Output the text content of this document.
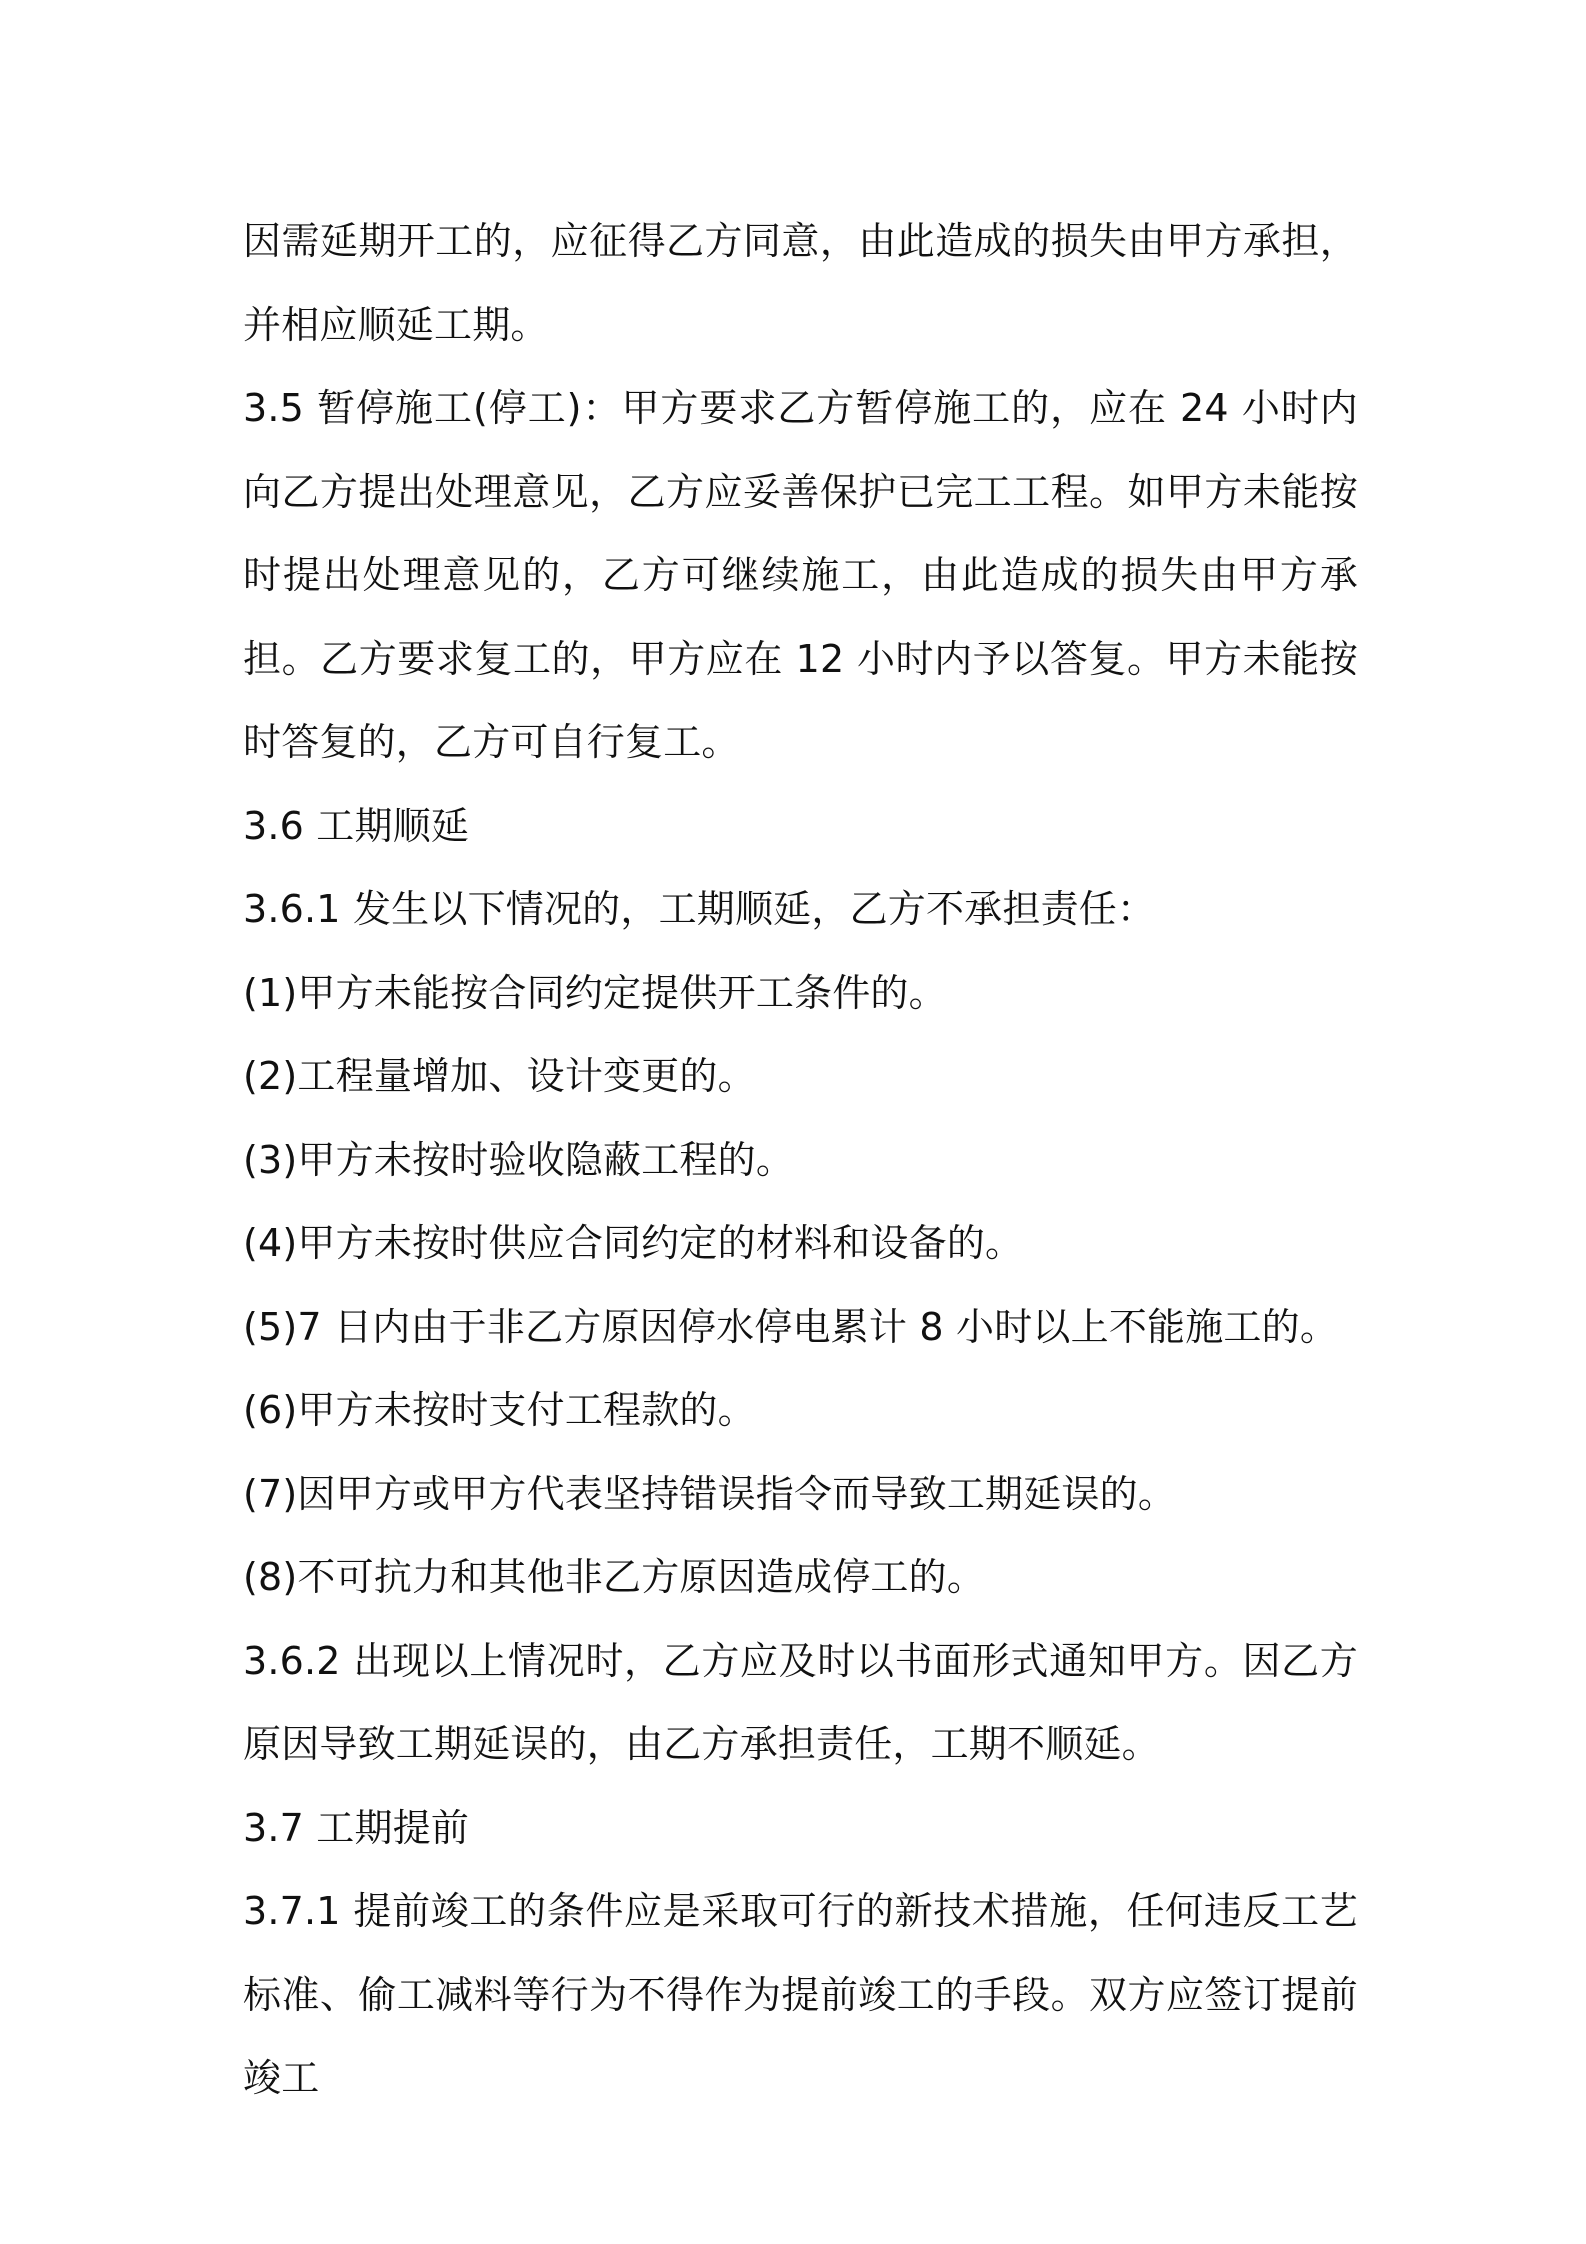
因需延期开工的，应征得乙方同意，由此造成的损失由甲方承担，并相应顺延工期。

3.5 暂停施工(停工)：甲方要求乙方暂停施工的，应在 24 小时内向乙方提出处理意见，乙方应妥善保护已完工工程。如甲方未能按时提出处理意见的，乙方可继续施工，由此造成的损失由甲方承担。乙方要求复工的，甲方应在 12 小时内予以答复。甲方未能按时答复的，乙方可自行复工。

3.6 工期顺延

3.6.1 发生以下情况的，工期顺延，乙方不承担责任：

(1)甲方未能按合同约定提供开工条件的。

(2)工程量增加、设计变更的。

(3)甲方未按时验收隐蔽工程的。

(4)甲方未按时供应合同约定的材料和设备的。

(5)7 日内由于非乙方原因停水停电累计 8 小时以上不能施工的。

(6)甲方未按时支付工程款的。

(7)因甲方或甲方代表坚持错误指令而导致工期延误的。

(8)不可抗力和其他非乙方原因造成停工的。

3.6.2 出现以上情况时，乙方应及时以书面形式通知甲方。因乙方原因导致工期延误的，由乙方承担责任，工期不顺延。

3.7 工期提前

3.7.1 提前竣工的条件应是采取可行的新技术措施，任何违反工艺标准、偷工减料等行为不得作为提前竣工的手段。双方应签订提前竣工
